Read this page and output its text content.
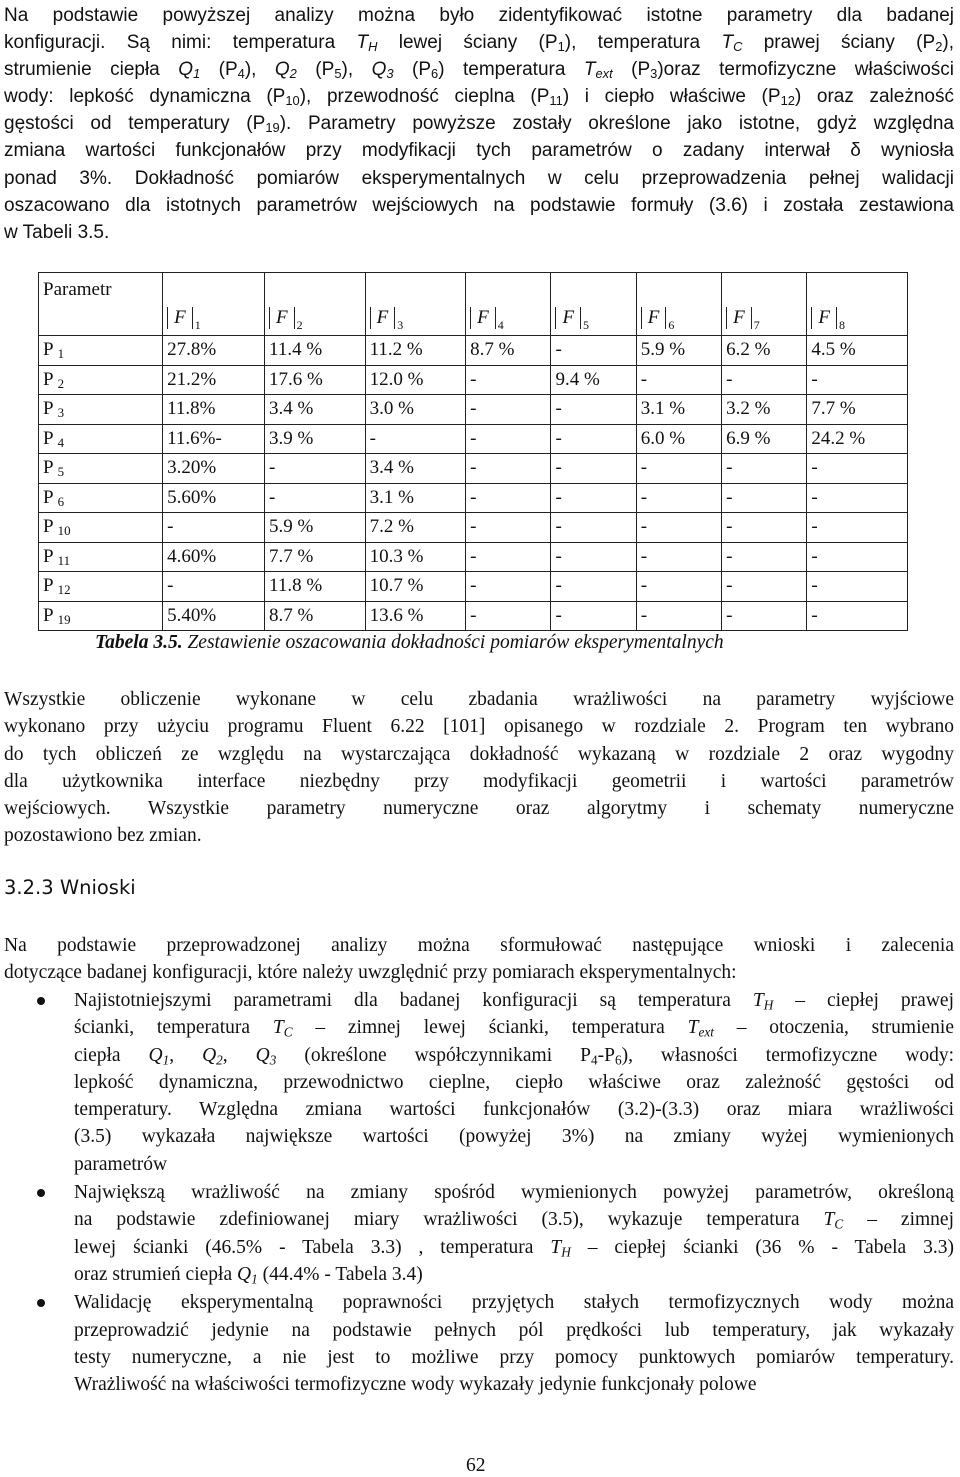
Na podstawie powyższej analizy można było zidentyfikować istotne parametry dla badanej
konfiguracji. Są nimi: temperatura $T_H$ lewej ściany $(P_1)$, temperatura $T_C$ prawej ściany $(P_2)$,
strumienie ciepła $Q_1$ $(P_4)$, $Q_2$ $(P_5)$, $Q_3$ $(P_6)$ temperatura $T_{ext}$ $(P_3)oraz$ termofizyczne właściwości
wody: lepkość dynamiczna $(P_{10})$, przewodność cieplna $(P_{11})$ i ciepło właściwe $(P_{12})$ oraz zależność
gęstości od temperatury $(P_{19})$. Parametry powyższe zostały określone jako istotne, gdyż względna
zmiana wartości funkcjonałów przy modyfikacji tych parametrów o zadany interwał δ wyniosła
ponad 3%. Dokładność pomiarów eksperymentalnych w celu przeprowadzenia pełnej walidacji
oszacowano dla istotnych parametrów wejściowych na podstawie formuły (3.6) i została zestawiona
w Tabeli 3.5.
Parametr	F $_1$	F $_2$	F $_3$	F $_4$	F $_5$	F $_6$	F $_7$	F $_8$
P $_1$	27.8%	11.4 %	11.2 %	8.7 %	-	5.9 %	6.2 %	4.5 %
P $_2$	21.2%	17.6 %	12.0 %	-	9.4 %	-	-	-
P $_3$	11.8%	3.4 %	3.0 %	-	-	3.1 %	3.2 %	7.7 %
P $_4$	11.6%-	3.9 %	-	-	-	6.0 %	6.9 %	24.2 %
P $_5$	3.20%	-	3.4 %	-	-	-	-	-
P $_6$	5.60%	-	3.1 %	-	-	-	-	-
P $_{10}$	-	5.9 %	7.2 %	-	-	-	-	-
P $_{11}$	4.60%	7.7 %	10.3 %	-	-	-	-	-
P $_{12}$	-	11.8 %	10.7 %	-	-	-	-	-
P $_{19}$	5.40%	8.7 %	13.6 %	-	-	-	-	-
Tabela 3.5. Zestawienie oszacowania dokładności pomiarów eksperymentalnych
Wszystkie obliczenie wykonane w celu zbadania wrażliwości na parametry wyjściowe
wykonano przy użyciu programu Fluent 6.22 [101] opisanego w rozdziale 2. Program ten wybrano
do tych obliczeń ze względu na wystarczająca dokładność wykazaną w rozdziale 2 oraz wygodny
dla użytkownika interface niezbędny przy modyfikacji geometrii i wartości parametrów
wejściowych. Wszystkie parametry numeryczne oraz algorytmy i schematy numeryczne
pozostawiono bez zmian.
3.2.3 Wnioski
Na podstawie przeprowadzonej analizy można sformułować następujące wnioski i zalecenia
dotyczące badanej konfiguracji, które należy uwzględnić przy pomiarach eksperymentalnych:
Najistotniejszymi parametrami dla badanej konfiguracji są temperatura $T_H$ – ciepłej prawej
ścianki, temperatura $T_C$ – zimnej lewej ścianki, temperatura $T_{ext}$ – otoczenia, strumienie
ciepła $Q_1$, $Q_2$, $Q_3$ (określone współczynnikami $P_4-P_6$), własności termofizyczne wody:
lepkość dynamiczna, przewodnictwo cieplne, ciepło właściwe oraz zależność gęstości od
temperatury. Względna zmiana wartości funkcjonałów (3.2)-(3.3) oraz miara wrażliwości
(3.5) wykazała największe wartości (powyżej 3%) na zmiany wyżej wymienionych
parametrów
Największą wrażliwość na zmiany spośród wymienionych powyżej parametrów, określoną
na podstawie zdefiniowanej miary wrażliwości (3.5), wykazuje temperatura $T_C$ – zimnej
lewej ścianki (46.5% - Tabela 3.3) , temperatura $T_H$ – ciepłej ścianki (36 % - Tabela 3.3)
oraz strumień ciepła $Q_1$ (44.4% - Tabela 3.4)
Walidację eksperymentalną poprawności przyjętych stałych termofizycznych wody można
przeprowadzić jedynie na podstawie pełnych pól prędkości lub temperatury, jak wykazały
testy numeryczne, a nie jest to możliwe przy pomocy punktowych pomiarów temperatury.
Wrażliwość na właściwości termofizyczne wody wykazały jedynie funkcjonały polowe
62
